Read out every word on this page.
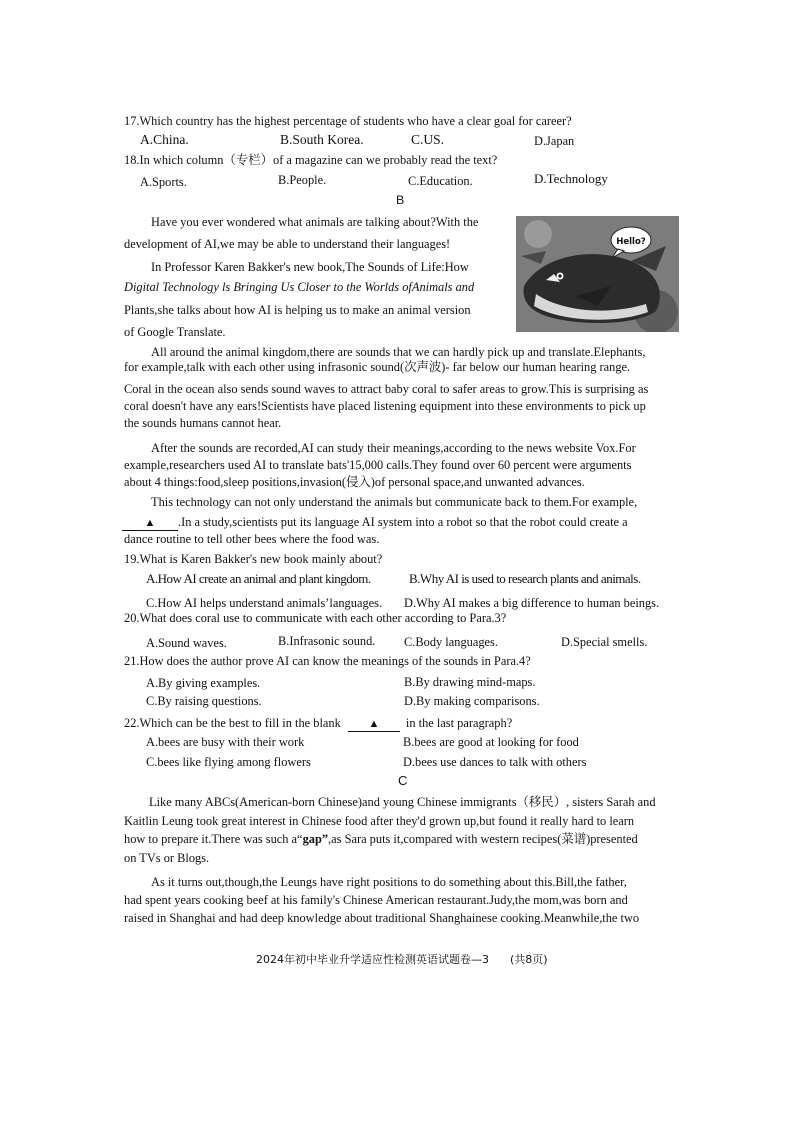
17.Which country has the highest percentage of students who have a clear goal for career?
A.China.	B.South Korea.	C.US.	D.Japan
18.In which column（专栏）of a magazine can we probably read the text?
A.Sports.	B.People.	C.Education.	D.Technology
B
Have you ever wondered what animals are talking about?With the
development of AI,we may be able to understand their languages!
In Professor Karen Bakker's new book,The Sounds of Life:How
Digital Technology ls Bringing Us Closer to the Worlds ofAnimals and
Plants,she talks about how AI is helping us to make an animal version
of Google Translate.
Hello?
All around the animal kingdom,there are sounds that we can hardly pick up and translate.Elephants,
for example,talk with each other using infrasonic sound(次声波)- far below our human hearing range.
Coral in the ocean also sends sound waves to attract baby coral to safer areas to grow.This is surprising as
coral doesn't have any ears!Scientists have placed listening equipment into these environments to pick up
the sounds humans cannot hear.
After the sounds are recorded,AI can study their meanings,according to the news website Vox.For
example,researchers used AI to translate bats'15,000 calls.They found over 60 percent were arguments
about 4 things:food,sleep positions,invasion(侵入)of personal space,and unwanted advances.
This technology can not only understand the animals but communicate back to them.For example,
▲ .In a study,scientists put its language AI system into a robot so that the robot could create a
dance routine to tell other bees where the food was.
19.What is Karen Bakker's new book mainly about?
A.How AI create an animal and plant kingdom.	B.Why AI is used to research plants and animals.
C.How AI helps understand animals’languages. D.Why AI makes a big difference to human beings.
20.What does coral use to communicate with each other according to Para.3?
A.Sound waves.	B.Infrasonic sound. C.Body languages.	D.Special smells.
21.How does the author prove AI can know the meanings of the sounds in Para.4?
A.By giving examples.	B.By drawing mind-maps.
C.By raising questions.	D.By making comparisons.
22.Which can be the best to fill in the blank	▲ in the last paragraph?
A.bees are busy with their work	B.bees are good at looking for food
C.bees like flying among flowers	D.bees use dances to talk with others
C
Like many ABCs(American-born Chinese)and young Chinese immigrants（移民）, sisters Sarah and
Kaitlin Leung took great interest in Chinese food after they'd grown up,but found it really hard to learn
how to prepare it.There was such a“gap”,as Sara puts it,compared with western recipes(菜谱)presented
on TVs or Blogs.
As it turns out,though,the Leungs have right positions to do something about this.Bill,the father,
had spent years cooking beef at his family's Chinese American restaurant.Judy,the mom,was born and
raised in Shanghai and had deep knowledge about traditional Shanghainese cooking.Meanwhile,the two
2024年初中毕业升学适应性检测英语试题卷—3 (共8页)
